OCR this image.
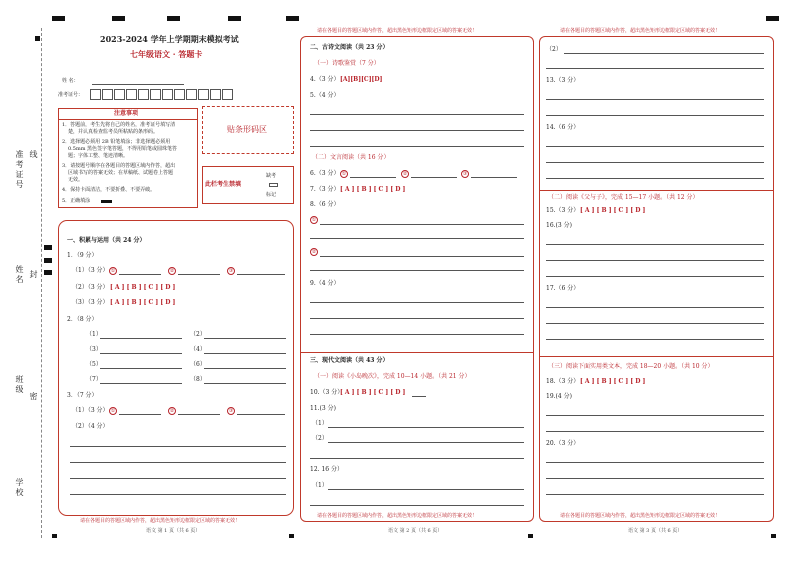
准考证号 线
姓名 封
班级
密
学校
2023-2024 学年上学期期末模拟考试
七年级语文 · 答题卡
姓 名：
准考证号：
注意事项
1．答题前，考生先将自己的姓名，准考证号填写清
楚，并认真检查监考员所粘贴的条形码。
2．选择题必须用 2B 铅笔填涂；非选择题必须用
0.5mm 黑色签字笔答题，不得用铅笔或圆珠笔答
题；字体工整、笔迹清晰。
3．请按题号顺序在各题目的答题区域内作答，超出
区域书写的答案无效；在草稿纸、试题卷上答题
无效。
4．保持卡面清洁，不要折叠、不要弄破。
5．正确填涂
贴条形码区
此栏考生禁填
缺考
标记
一、积累与运用（共 24 分）
1．（9 分）
（1）（3 分） ①	②	③
（2）（3 分） [ A ] [ B ] [ C ] [ D ]
（3）（3 分） [ A ] [ B ] [ C ] [ D ]
2．（8 分）
（1）	（2）
（3）	（4）
（5）	（6）
（7）	（8）
3．（7 分）
（1）（3 分） ①	②	③
（2）（4 分）
请在各题目的答题区域内作答，超出黑色矩形边框限定区域的答案无效！
语文 第 1 页（共 6 页）
请在各题目的答题区域内作答，超出黑色矩形边框限定区域的答案无效！
二、古诗文阅读（共 23 分）
（一）诗歌鉴赏（7 分）
4.（3 分） [A][B][C][D]
5.（4 分）
（二）文言阅读（共 16 分）
6.（3 分） ①	②	③
7.（3 分） [ A ] [ B ] [ C ] [ D ]
8.（6 分）
①
②
9.（4 分）
三、现代文阅读（共 43 分）
（一）阅读《小岛晚次》，完成 10—14 小题。（共 21 分）
10.（3 分）
[ A ] [ B ] [ C ] [ D ]
11.(3 分)
（1）
（2）
12. 16 分）
（1）
请在各题目的答题区域内作答，超出黑色矩形边框限定区域的答案无效！
语文 第 2 页（共 6 页）
请在各题目的答题区域内作答，超出黑色矩形边框限定区域的答案无效！
（2）
13.（3 分）
14.（6 分）
（二）阅读《父与子》，完成 15—17 小题。（共 12 分）
15.（3 分） [ A ] [ B ] [ C ] [ D ]
16.(3 分)
17.（6 分）
（三）阅读下面实用类文本，完成 18—20 小题。（共 10 分）
18.（3 分） [ A ] [ B ] [ C ] [ D ]
19.(4 分)
20.（3 分）
请在各题目的答题区域内作答，超出黑色矩形边框限定区域的答案无效！
语文 第 3 页（共 6 页）
